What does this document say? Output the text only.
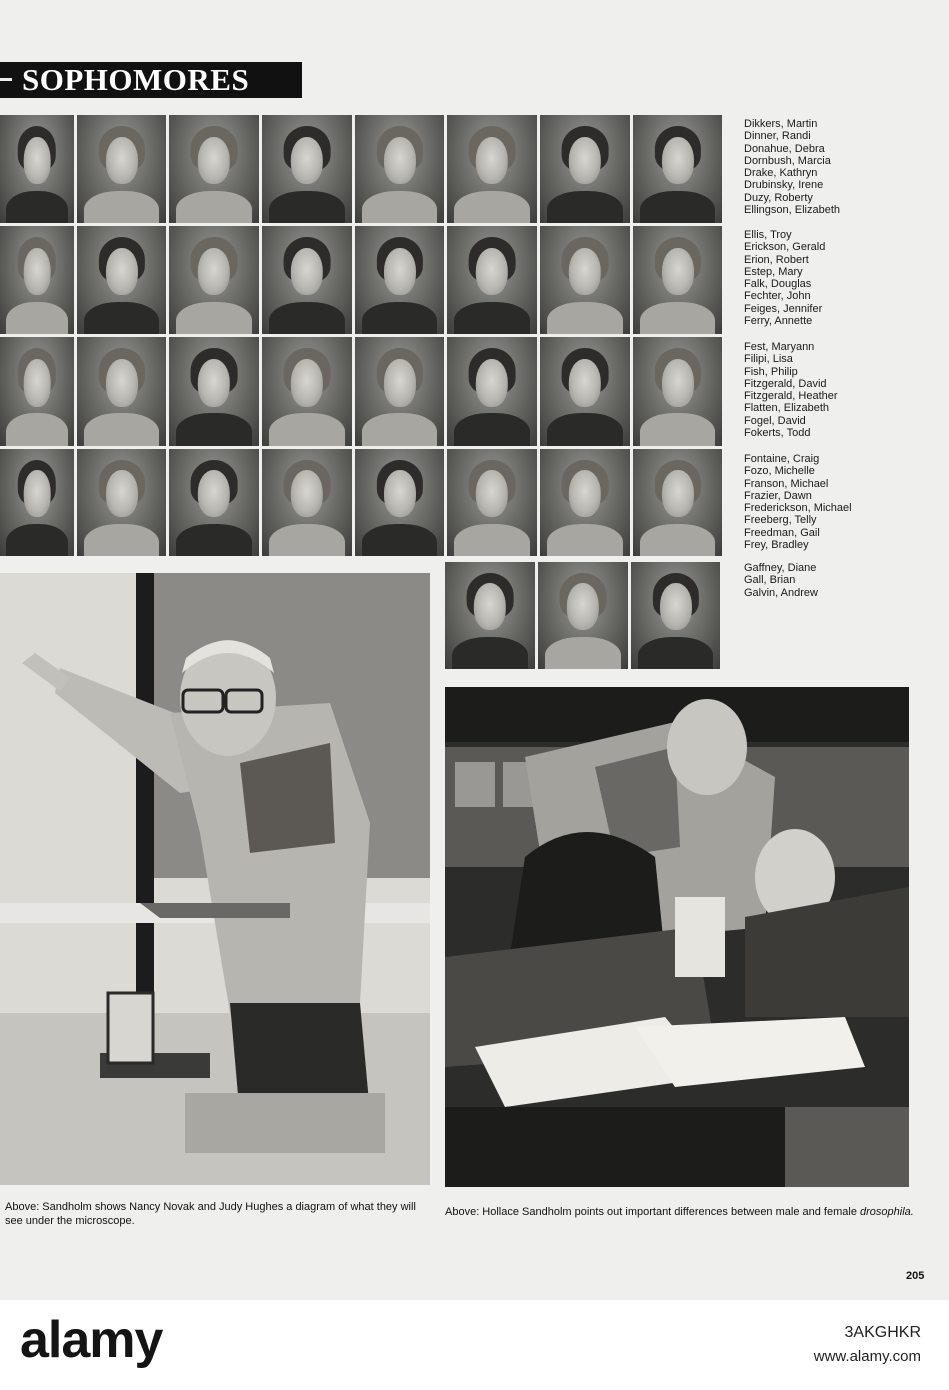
SOPHOMORES
Dikkers, Martin
Dinner, Randi
Donahue, Debra
Dornbush, Marcia
Drake, Kathryn
Drubinsky, Irene
Duzy, Roberty
Ellingson, Elizabeth
Ellis, Troy
Erickson, Gerald
Erion, Robert
Estep, Mary
Falk, Douglas
Fechter, John
Feiges, Jennifer
Ferry, Annette
Fest, Maryann
Filipi, Lisa
Fish, Philip
Fitzgerald, David
Fitzgerald, Heather
Flatten, Elizabeth
Fogel, David
Fokerts, Todd
Fontaine, Craig
Fozo, Michelle
Franson, Michael
Frazier, Dawn
Frederickson, Michael
Freeberg, Telly
Freedman, Gail
Frey, Bradley
Gaffney, Diane
Gall, Brian
Galvin, Andrew
Above: Sandholm shows Nancy Novak and Judy Hughes a diagram of what they will see under the microscope.
Above: Hollace Sandholm points out important differences between male and female drosophila.
205
alamy	3AKGHKR
www.alamy.com
